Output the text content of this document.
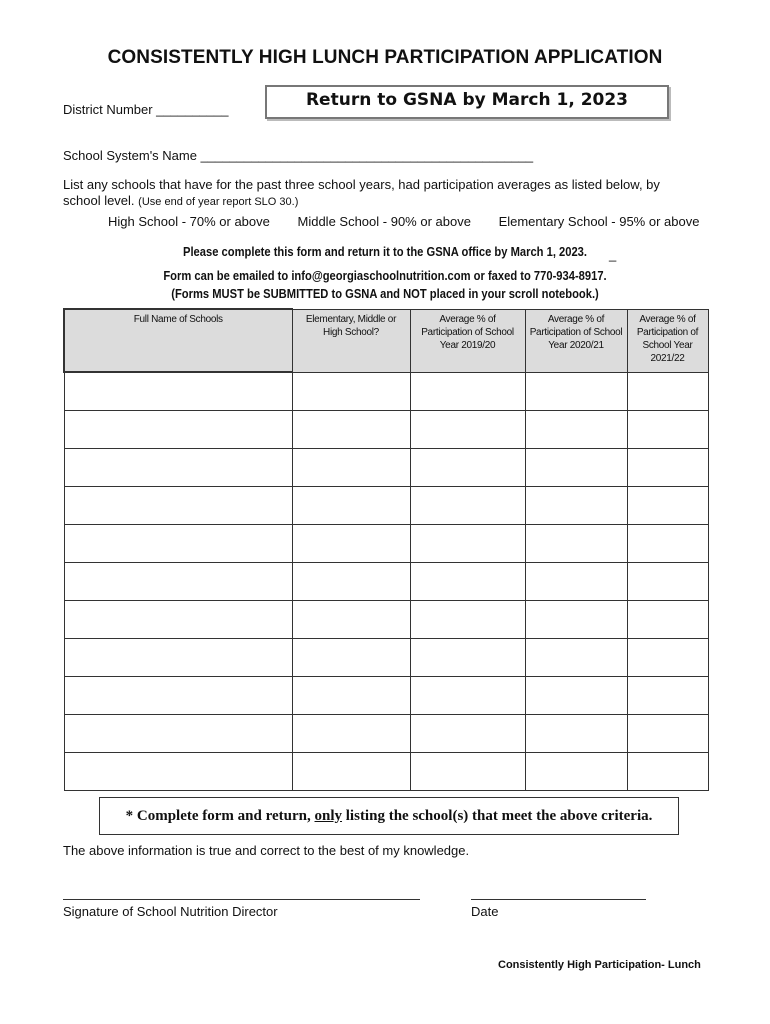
CONSISTENTLY HIGH LUNCH PARTICIPATION APPLICATION
District Number __________	Return to GSNA by March 1, 2023
School System's Name ______________________________________________
List any schools that have for the past three school years, had participation averages as listed below, by school level. (Use end of year report SLO 30.)
High School - 70% or above Middle School - 90% or above Elementary School - 95% or above
Please complete this form and return it to the GSNA office by March 1, 2023.	_
Form can be emailed to info@georgiaschoolnutrition.com or faxed to 770-934-8917.
(Forms MUST be SUBMITTED to GSNA and NOT placed in your scroll notebook.)
Full Name of Schools	Elementary, Middle or High School?	Average % of Participation of School Year 2019/20	Average % of Participation of School Year 2020/21	Average % of Participation of School Year 2021/22

* Complete form and return, only listing the school(s) that meet the above criteria.
The above information is true and correct to the best of my knowledge.
Signature of School Nutrition Director	Date
Consistently High Participation- Lunch
